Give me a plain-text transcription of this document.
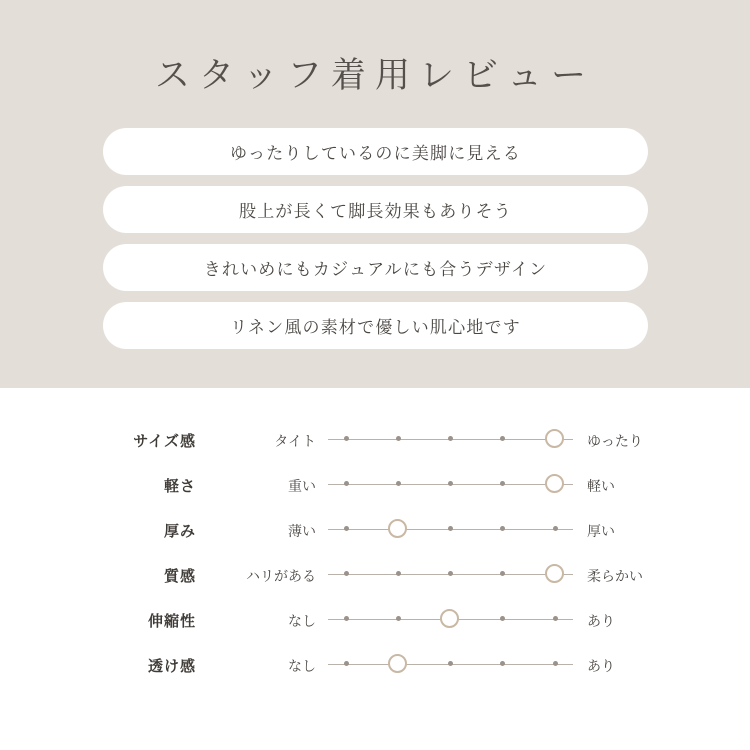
スタッフ着用レビュー
ゆったりしているのに美脚に見える
股上が長くて脚長効果もありそう
きれいめにもカジュアルにも合うデザイン
リネン風の素材で優しい肌心地です
サイズ感	タイト		ゆったり
軽さ	重い		軽い
厚み	薄い		厚い
質感	ハリがある		柔らかい
伸縮性	なし		あり
透け感	なし		あり
